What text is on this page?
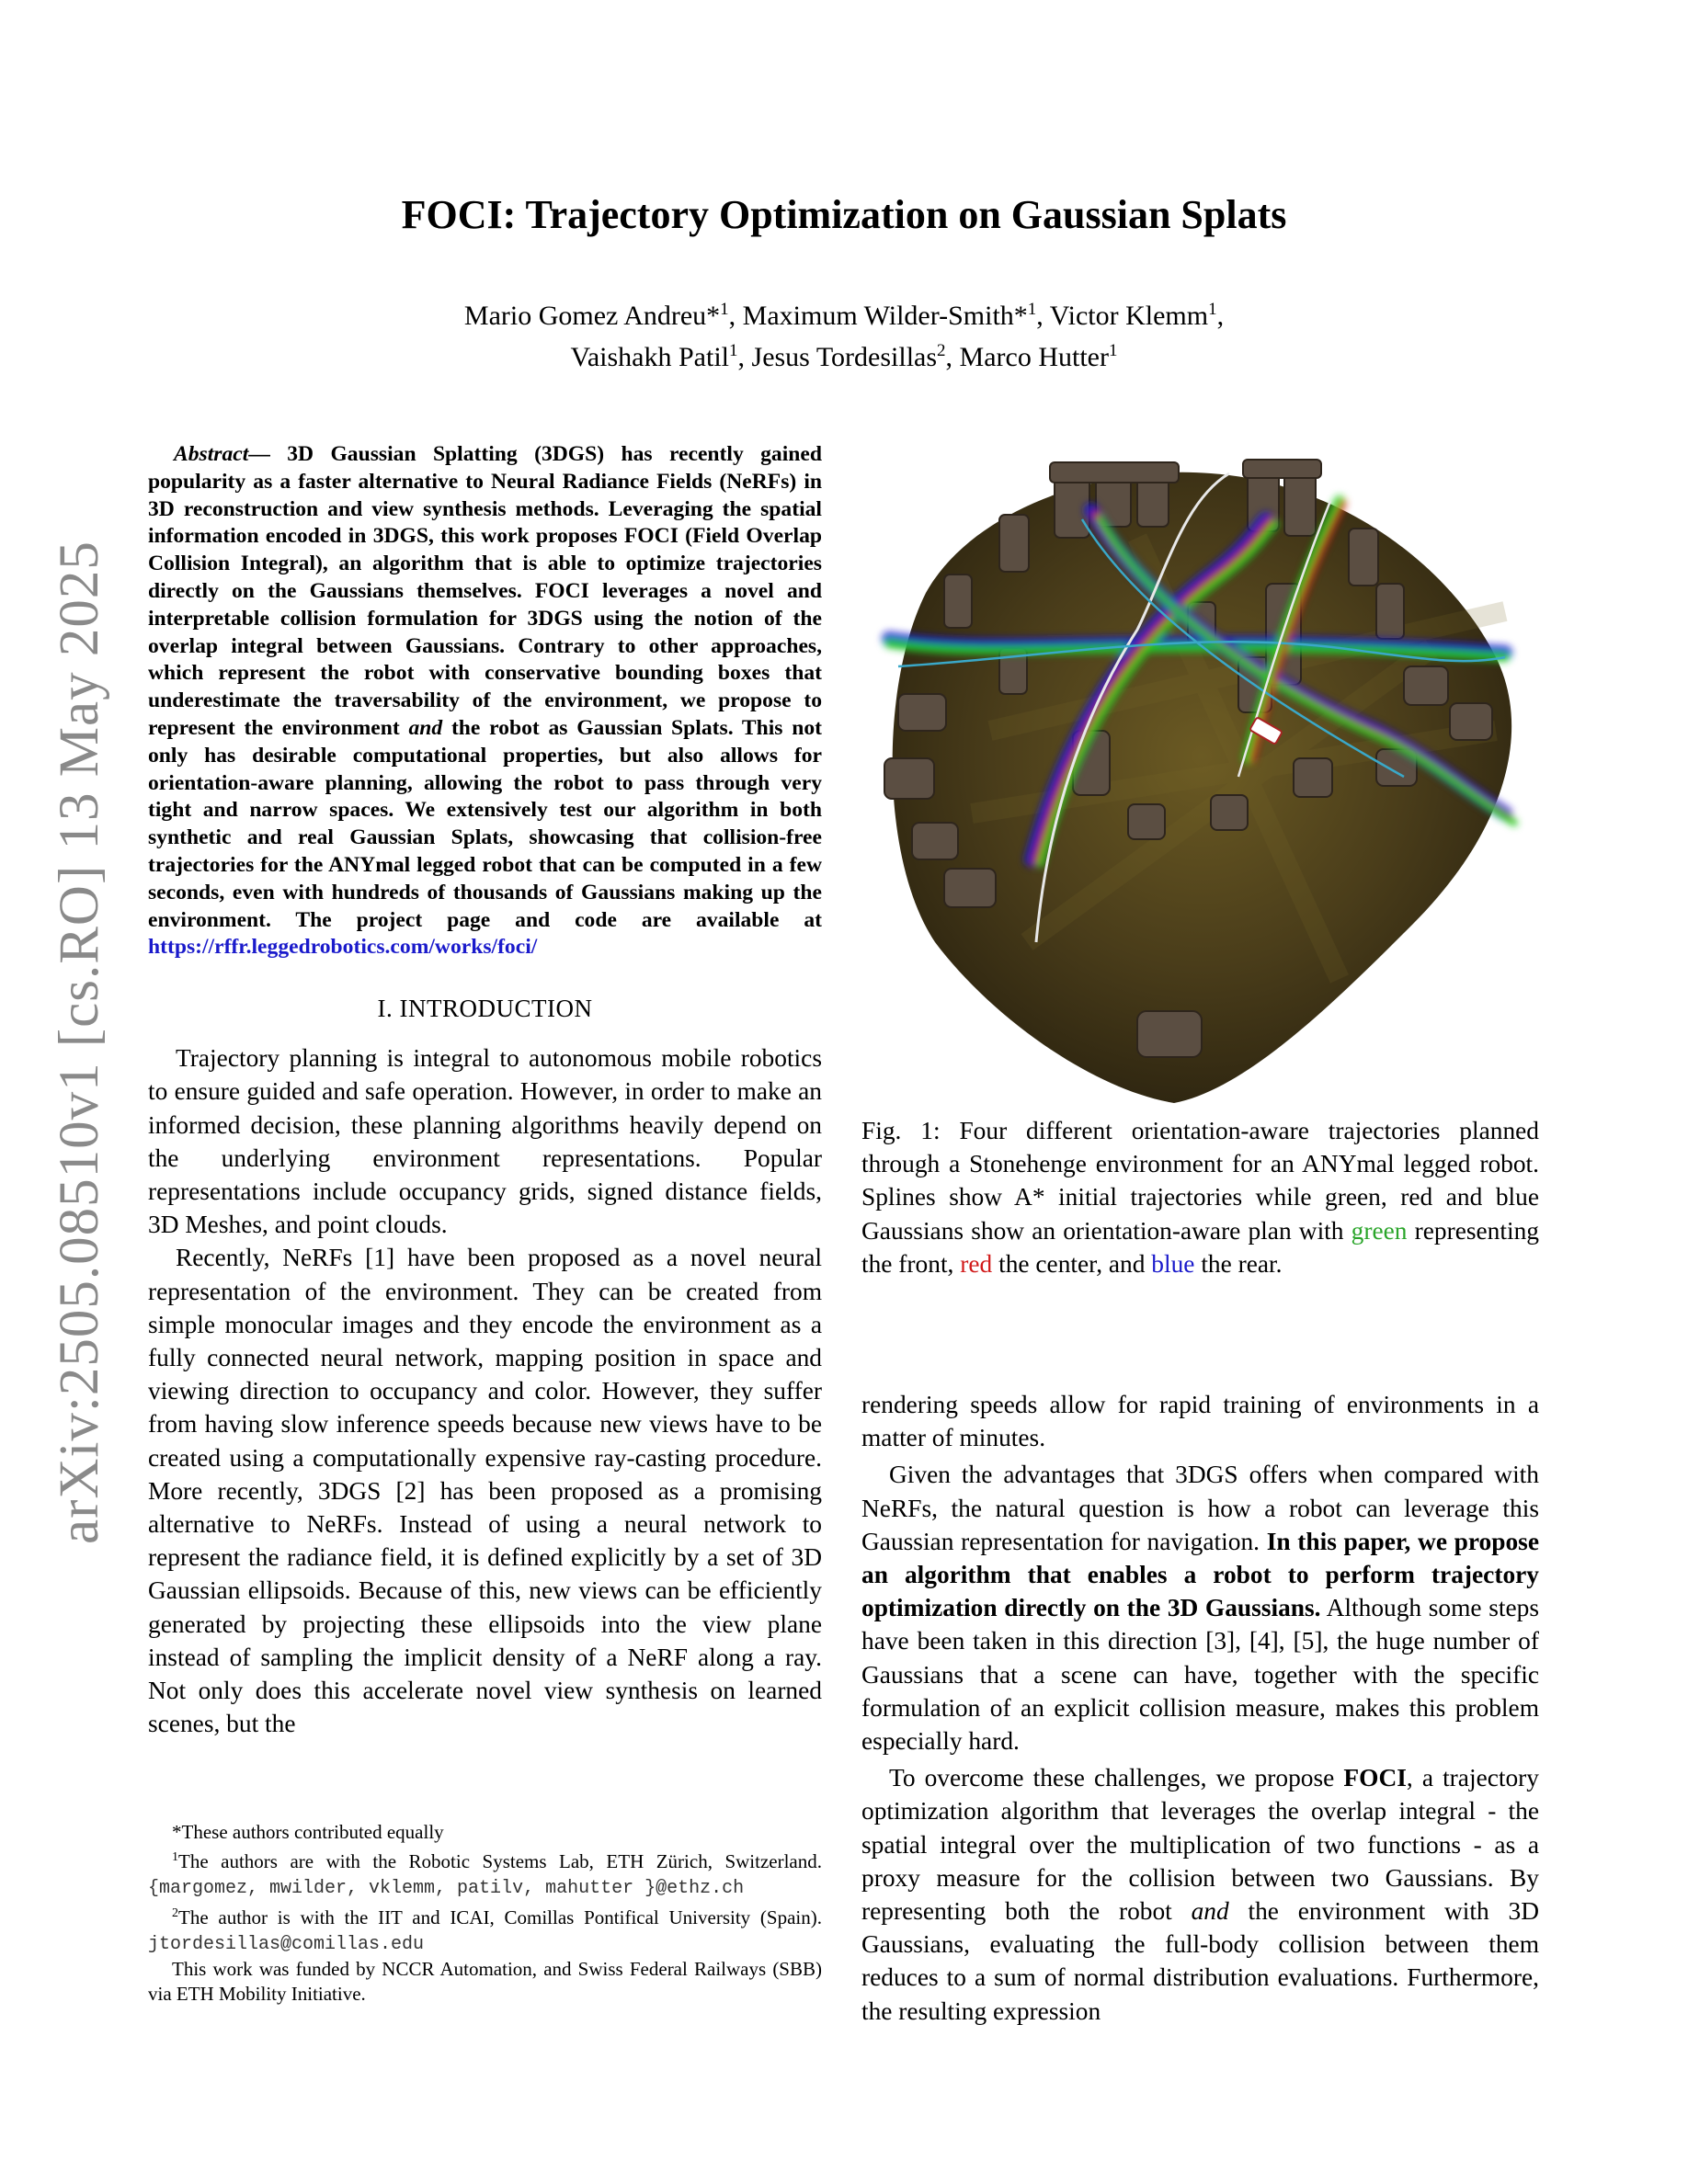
arXiv:2505.08510v1 [cs.RO] 13 May 2025
FOCI: Trajectory Optimization on Gaussian Splats
Mario Gomez Andreu*$^1$, Maximum Wilder-Smith*$^1$, Victor Klemm$^1$,
Vaishakh Patil$^1$, Jesus Tordesillas$^2$, Marco Hutter$^1$

Abstract— 3D Gaussian Splatting (3DGS) has recently gained popularity as a faster alternative to Neural Radiance Fields (NeRFs) in 3D reconstruction and view synthesis methods. Leveraging the spatial information encoded in 3DGS, this work proposes FOCI (Field Overlap Collision Integral), an algorithm that is able to optimize trajectories directly on the Gaussians themselves. FOCI leverages a novel and interpretable collision formulation for 3DGS using the notion of the overlap integral between Gaussians. Contrary to other approaches, which represent the robot with conservative bounding boxes that underestimate the traversability of the environment, we propose to represent the environment and the robot as Gaussian Splats. This not only has desirable computational properties, but also allows for orientation-aware planning, allowing the robot to pass through very tight and narrow spaces. We extensively test our algorithm in both synthetic and real Gaussian Splats, showcasing that collision-free trajectories for the ANYmal legged robot that can be computed in a few seconds, even with hundreds of thousands of Gaussians making up the environment. The project page and code are available at https://rffr.leggedrobotics.com/works/foci/

I. INTRODUCTION

Trajectory planning is integral to autonomous mobile robotics to ensure guided and safe operation. However, in order to make an informed decision, these planning algorithms heavily depend on the underlying environment representations. Popular representations include occupancy grids, signed distance fields, 3D Meshes, and point clouds.

Recently, NeRFs [1] have been proposed as a novel neural representation of the environment. They can be created from simple monocular images and they encode the environment as a fully connected neural network, mapping position in space and viewing direction to occupancy and color. However, they suffer from having slow inference speeds because new views have to be created using a computationally expensive ray-casting procedure. More recently, 3DGS [2] has been proposed as a promising alternative to NeRFs. Instead of using a neural network to represent the radiance field, it is defined explicitly by a set of 3D Gaussian ellipsoids. Because of this, new views can be efficiently generated by projecting these ellipsoids into the view plane instead of sampling the implicit density of a NeRF along a ray. Not only does this accelerate novel view synthesis on learned scenes, but the

*These authors contributed equally

$^1$The authors are with the Robotic Systems Lab, ETH Zürich, Switzerland. {margomez, mwilder, vklemm, patilv, mahutter }@ethz.ch

$^2$The author is with the IIT and ICAI, Comillas Pontifical University (Spain). jtordesillas@comillas.edu

This work was funded by NCCR Automation, and Swiss Federal Railways (SBB) via ETH Mobility Initiative.

Fig. 1: Four different orientation-aware trajectories planned through a Stonehenge environment for an ANYmal legged robot. Splines show A* initial trajectories while green, red and blue Gaussians show an orientation-aware plan with green representing the front, red the center, and blue the rear.

rendering speeds allow for rapid training of environments in a matter of minutes.

Given the advantages that 3DGS offers when compared with NeRFs, the natural question is how a robot can leverage this Gaussian representation for navigation. In this paper, we propose an algorithm that enables a robot to perform trajectory optimization directly on the 3D Gaussians. Although some steps have been taken in this direction [3], [4], [5], the huge number of Gaussians that a scene can have, together with the specific formulation of an explicit collision measure, makes this problem especially hard.

To overcome these challenges, we propose FOCI, a trajectory optimization algorithm that leverages the overlap integral - the spatial integral over the multiplication of two functions - as a proxy measure for the collision between two Gaussians. By representing both the robot and the environment with 3D Gaussians, evaluating the full-body collision between them reduces to a sum of normal distribution evaluations. Furthermore, the resulting expression
